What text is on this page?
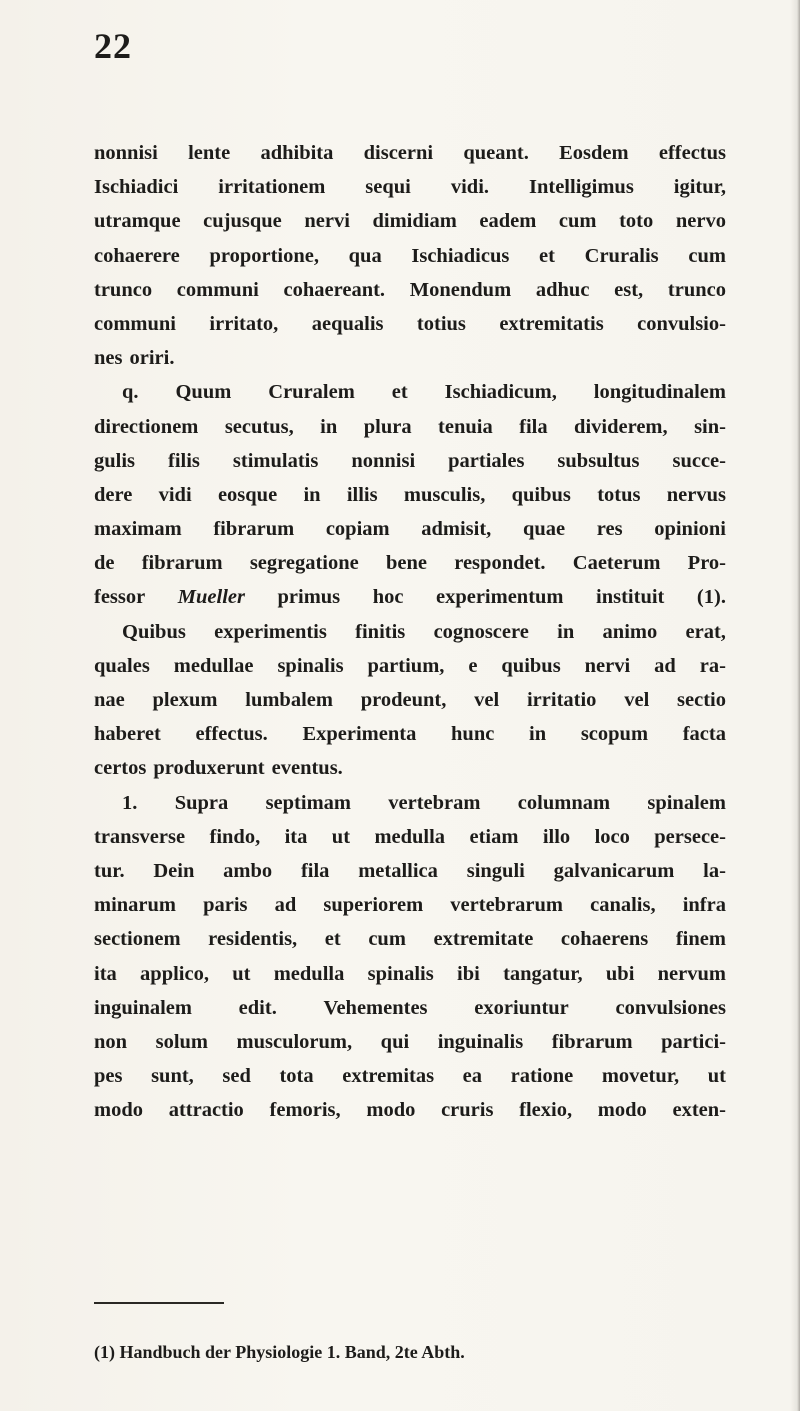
22
nonnisi lente adhibita discerni queant. Eosdem effectus
Ischiadici irritationem sequi vidi. Intelligimus igitur,
utramque cujusque nervi dimidiam eadem cum toto nervo
cohaerere proportione, qua Ischiadicus et Cruralis cum
trunco communi cohaereant. Monendum adhuc est, trunco
communi irritato, aequalis totius extremitatis convulsio-
nes oriri.
q. Quum Cruralem et Ischiadicum, longitudinalem
directionem secutus, in plura tenuia fila dividerem, sin-
gulis filis stimulatis nonnisi partiales subsultus succe-
dere vidi eosque in illis musculis, quibus totus nervus
maximam fibrarum copiam admisit, quae res opinioni
de fibrarum segregatione bene respondet. Caeterum Pro-
fessor Mueller primus hoc experimentum instituit (1).
Quibus experimentis finitis cognoscere in animo erat,
quales medullae spinalis partium, e quibus nervi ad ra-
nae plexum lumbalem prodeunt, vel irritatio vel sectio
haberet effectus. Experimenta hunc in scopum facta
certos produxerunt eventus.
1. Supra septimam vertebram columnam spinalem
transverse findo, ita ut medulla etiam illo loco persece-
tur. Dein ambo fila metallica singuli galvanicarum la-
minarum paris ad superiorem vertebrarum canalis, infra
sectionem residentis, et cum extremitate cohaerens finem
ita applico, ut medulla spinalis ibi tangatur, ubi nervum
inguinalem edit. Vehementes exoriuntur convulsiones
non solum musculorum, qui inguinalis fibrarum partici-
pes sunt, sed tota extremitas ea ratione movetur, ut
modo attractio femoris, modo cruris flexio, modo exten-
(1) Handbuch der Physiologie 1. Band, 2te Abth.
